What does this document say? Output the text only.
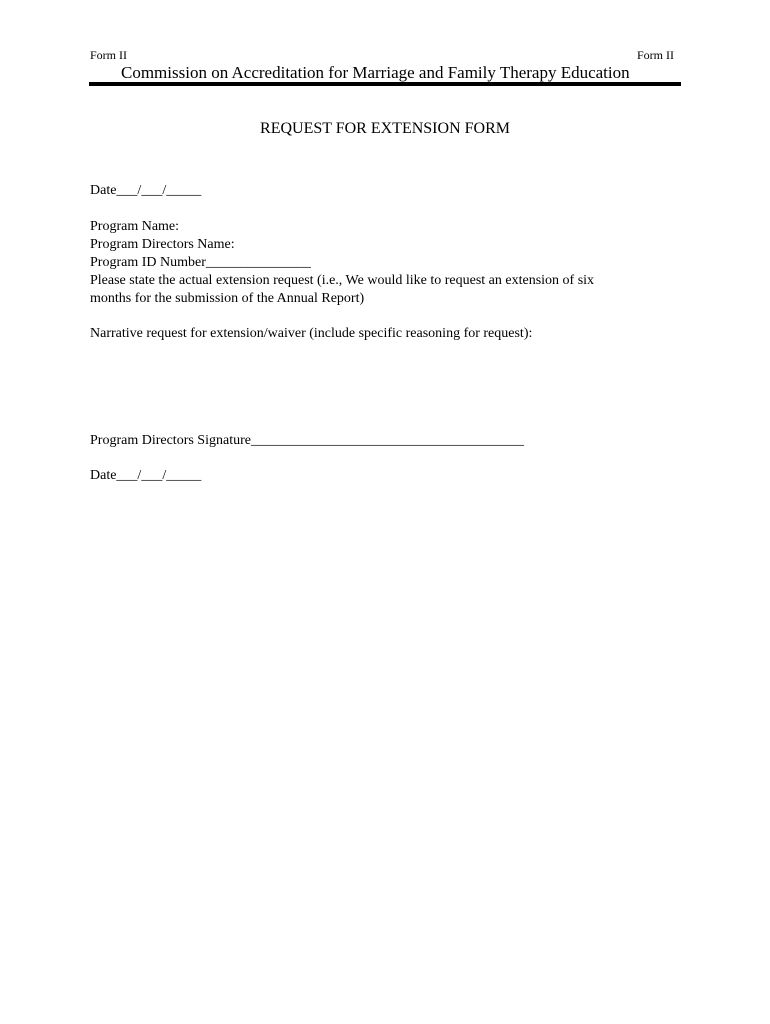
Form II	Form II
Commission on Accreditation for Marriage and Family Therapy Education
REQUEST FOR EXTENSION FORM
Date___/___/_____
Program Name:
Program Directors Name:
Program ID Number_______________
Please state the actual extension request (i.e., We would like to request an extension of six
months for the submission of the Annual Report)
Narrative request for extension/waiver (include specific reasoning for request):
Program Directors Signature_______________________________________
Date___/___/_____
